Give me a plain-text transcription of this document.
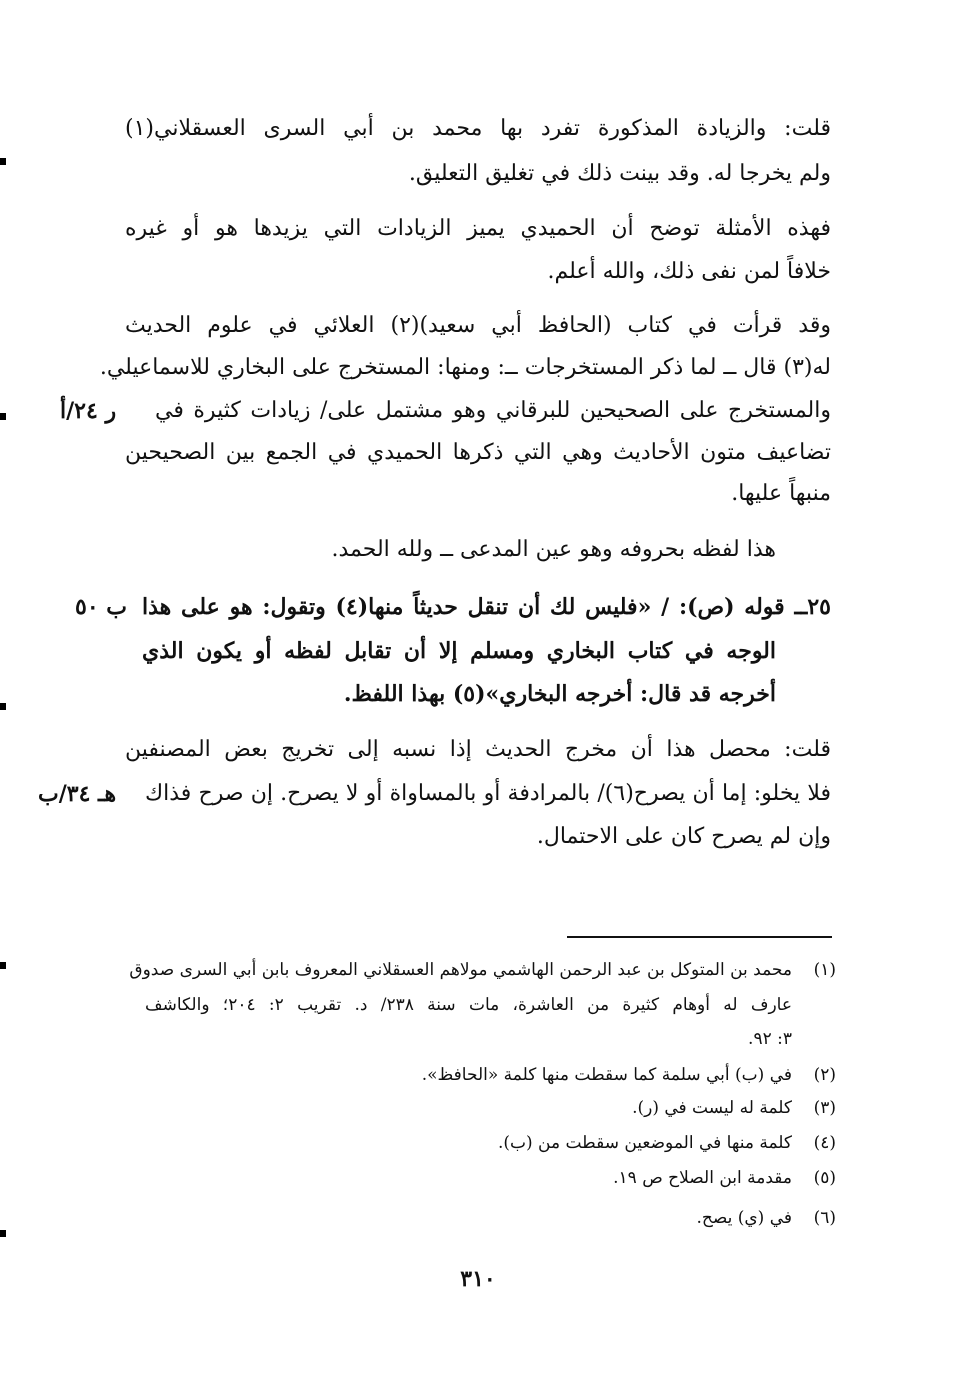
قلت: والزيادة المذكورة تفرد بها محمد بن أبي السرى العسقلاني(١)
ولم يخرجا له. وقد بينت ذلك في تغليق التعليق.
فهذه الأمثلة توضح أن الحميدي يميز الزيادات التي يزيدها هو أو غيره
خلافاً لمن نفى ذلك، والله أعلم.
وقد قرأت في كتاب (الحافظ أبي سعيد)(٢) العلائي في علوم الحديث
له(٣) قال ــ لما ذكر المستخرجات ــ: ومنها: المستخرج على البخاري للاسماعيلي.
والمستخرج على الصحيحين للبرقاني وهو مشتمل على/ زيادات كثيرة في
ر ٢٤/أ
تضاعيف متون الأحاديث وهي التي ذكرها الحميدي في الجمع بين الصحيحين
منبهاً عليها.
هذا لفظه بحروفه وهو عين المدعى ــ ولله الحمد.
٢٥ــ قوله (ص): / «فليس لك أن تنقل حديثاً منها(٤) وتقول: هو على هذا
ب ٥٠
الوجه في كتاب البخاري ومسلم إلا أن تقابل لفظه أو يكون الذي
أخرجه قد قال: أخرجه البخاري»(٥) بهذا اللفظ.
قلت: محصل هذا أن مخرج الحديث إذا نسبه إلى تخريج بعض المصنفين
فلا يخلو: إما أن يصرح(٦)/ بالمرادفة أو بالمساواة أو لا يصرح. إن صرح فذاك
هـ ٣٤/ب
وإن لم يصرح كان على الاحتمال.
(١)محمد بن المتوكل بن عبد الرحمن الهاشمي مولاهم العسقلاني المعروف بابن أبي السرى صدوق
عارف له أوهام كثيرة من العاشرة، مات سنة ٢٣٨/ د. تقريب ٢: ٢٠٤؛ والكاشف
٣: ٩٢.
(٢)في (ب) أبي سلمة كما سقطت منها كلمة «الحافظ».
(٣)كلمة له ليست في (ر).
(٤)كلمة منها في الموضعين سقطت من (ب).
(٥)مقدمة ابن الصلاح ص ١٩.
(٦)في (ي) يصح.
٣١٠
